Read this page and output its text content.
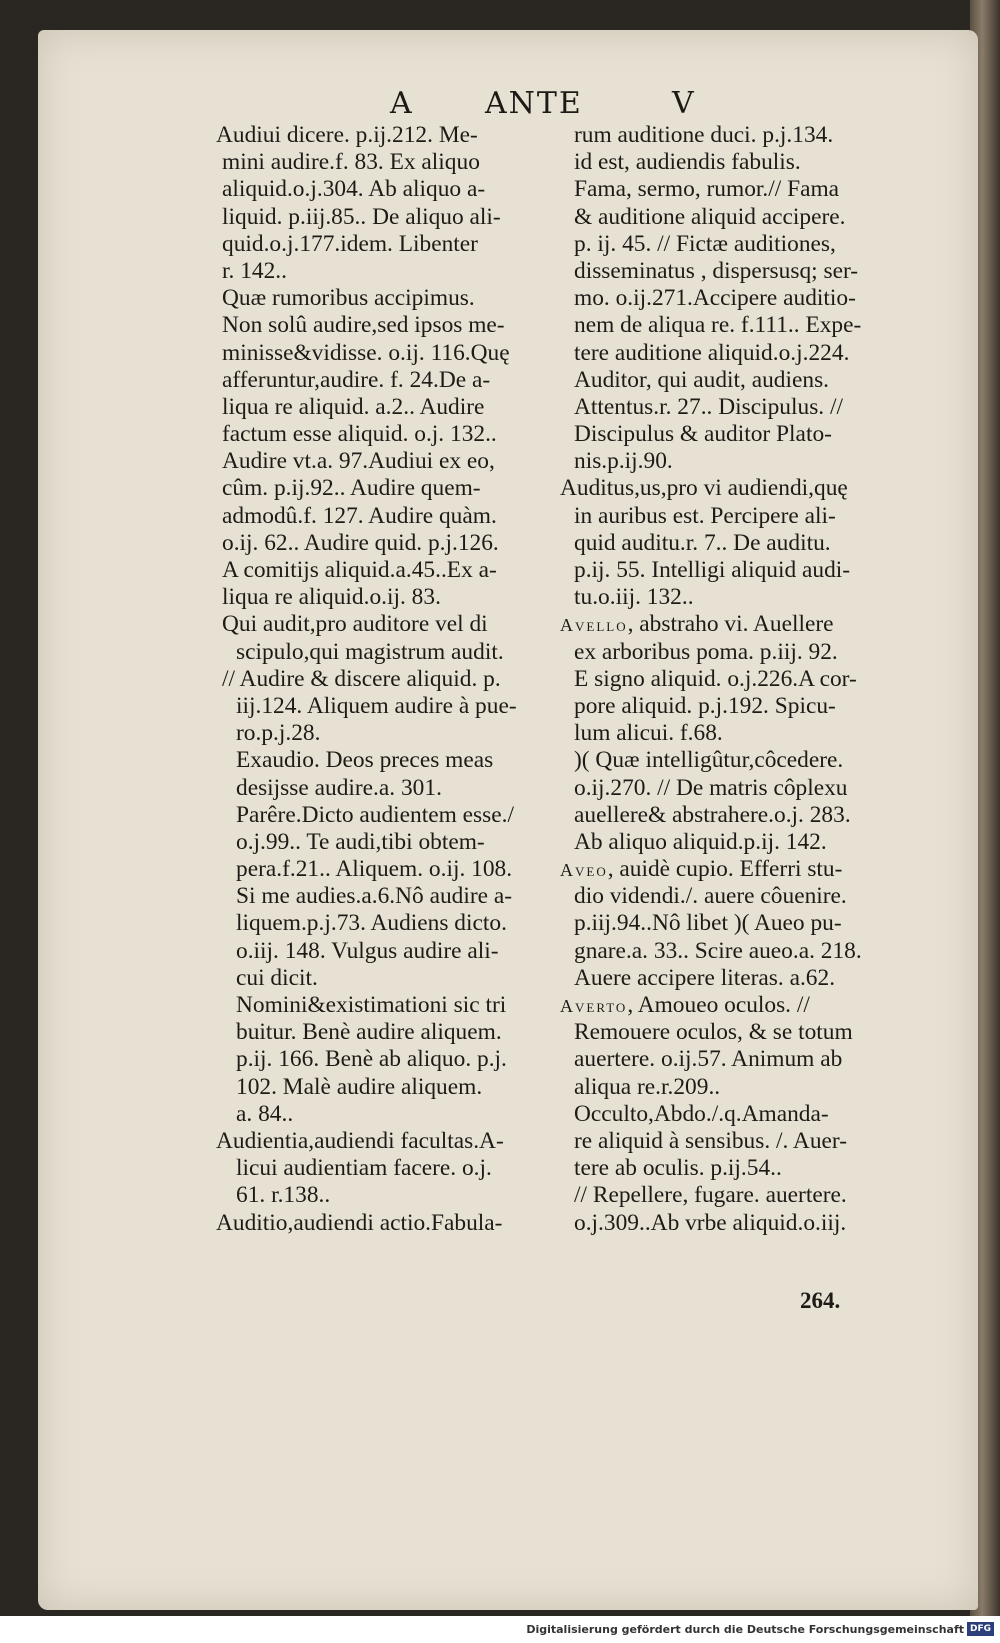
A ANTE	V
Audiui dicere. p.ij.212. Me-
mini audire.f. 83. Ex aliquo
aliquid.o.j.304. Ab aliquo a-
liquid. p.iij.85.. De aliquo ali-
quid.o.j.177.idem. Libenter
r. 142..
Quæ rumoribus accipimus.
Non solû audire,sed ipsos me-
minisse&vidisse. o.ij. 116.Quę
afferuntur,audire. f. 24.De a-
liqua re aliquid. a.2.. Audire
factum esse aliquid. o.j. 132..
Audire vt.a. 97.Audiui ex eo,
cûm. p.ij.92.. Audire quem-
admodû.f. 127. Audire quàm.
o.ij. 62.. Audire quid. p.j.126.
A comitijs aliquid.a.45..Ex a-
liqua re aliquid.o.ij. 83.
Qui audit,pro auditore vel di
scipulo,qui magistrum audit.
// Audire & discere aliquid. p.
iij.124. Aliquem audire à pue-
ro.p.j.28.
Exaudio. Deos preces meas
desijsse audire.a. 301.
Parêre.Dicto audientem esse./
o.j.99.. Te audi,tibi obtem-
pera.f.21.. Aliquem. o.ij. 108.
Si me audies.a.6.Nô audire a-
liquem.p.j.73. Audiens dicto.
o.iij. 148. Vulgus audire ali-
cui dicit.
Nomini&existimationi sic tri
buitur. Benè audire aliquem.
p.ij. 166. Benè ab aliquo. p.j.
102. Malè audire aliquem.
a. 84..
Audientia,audiendi facultas.A-
licui audientiam facere. o.j.
61. r.138..
Auditio,audiendi actio.Fabula-
rum auditione duci. p.j.134.
id est, audiendis fabulis.
Fama, sermo, rumor.// Fama
& auditione aliquid accipere.
p. ij. 45. // Fictæ auditiones,
disseminatus , dispersusq; ser-
mo. o.ij.271.Accipere auditio-
nem de aliqua re. f.111.. Expe-
tere auditione aliquid.o.j.224.
Auditor, qui audit, audiens.
Attentus.r. 27.. Discipulus. //
Discipulus & auditor Plato-
nis.p.ij.90.
Auditus,us,pro vi audiendi,quę
in auribus est. Percipere ali-
quid auditu.r. 7.. De auditu.
p.ij. 55. Intelligi aliquid audi-
tu.o.iij. 132..
Avello, abstraho vi. Auellere
ex arboribus poma. p.iij. 92.
E signo aliquid. o.j.226.A cor-
pore aliquid. p.j.192. Spicu-
lum alicui. f.68.
)( Quæ intelligûtur,côcedere.
o.ij.270. // De matris côplexu
auellere& abstrahere.o.j. 283.
Ab aliquo aliquid.p.ij. 142.
Aveo, auidè cupio. Efferri stu-
dio videndi./. auere côuenire.
p.iij.94..Nô libet )( Aueo pu-
gnare.a. 33.. Scire aueo.a. 218.
Auere accipere literas. a.62.
Averto, Amoueo oculos. //
Remouere oculos, & se totum
auertere. o.ij.57. Animum ab
aliqua re.r.209..
Occulto,Abdo./.q.Amanda-
re aliquid à sensibus. /. Auer-
tere ab oculis. p.ij.54..
// Repellere, fugare. auertere.
o.j.309..Ab vrbe aliquid.o.iij.
264.
Digitalisierung gefördert durch die Deutsche Forschungsgemeinschaft DFG
